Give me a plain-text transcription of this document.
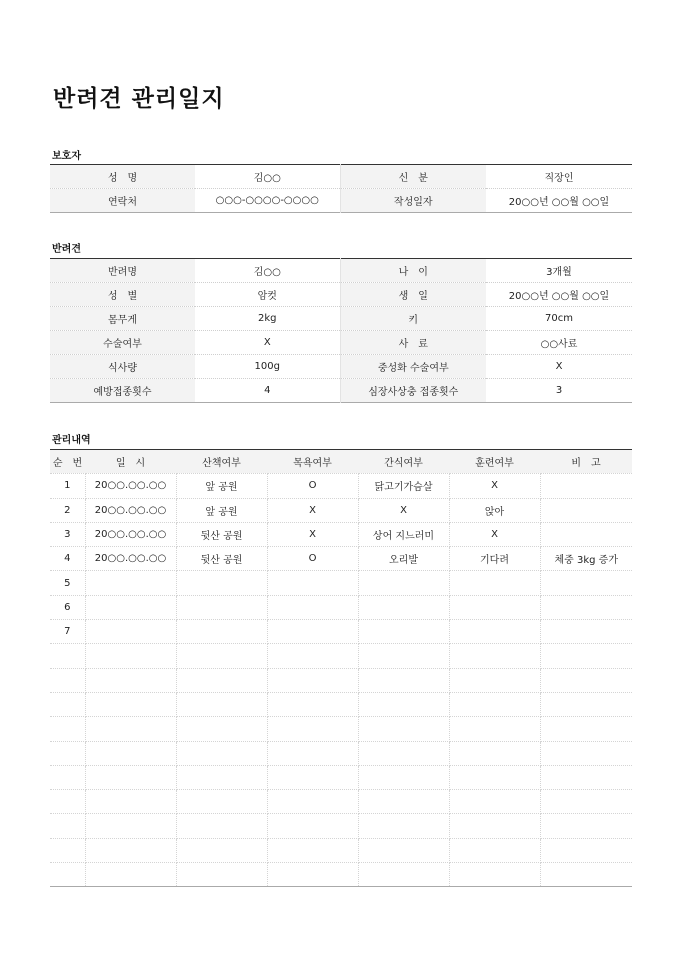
반려견 관리일지
보호자
성　명	김○○	신　분	직장인
연락처	○○○-○○○○-○○○○	작성일자	20○○년 ○○월 ○○일
반려견
반려명	김○○	나　이	3개월
성　별	암컷	생　일	20○○년 ○○월 ○○일
몸무게	2kg	키	70cm
수술여부	X	사　료	○○사료
식사량	100g	중성화 수술여부	X
예방접종횟수	4	심장사상충 접종횟수	3
관리내역
순　번	일　시	산책여부	목욕여부	간식여부	훈련여부	비　고
1	20○○.○○.○○	앞 공원	O	닭고기가슴살	X	
2	20○○.○○.○○	앞 공원	X	X	앉아	
3	20○○.○○.○○	뒷산 공원	X	상어 지느러미	X	
4	20○○.○○.○○	뒷산 공원	O	오리발	기다려	체중 3kg 증가
5						
6						
7						
